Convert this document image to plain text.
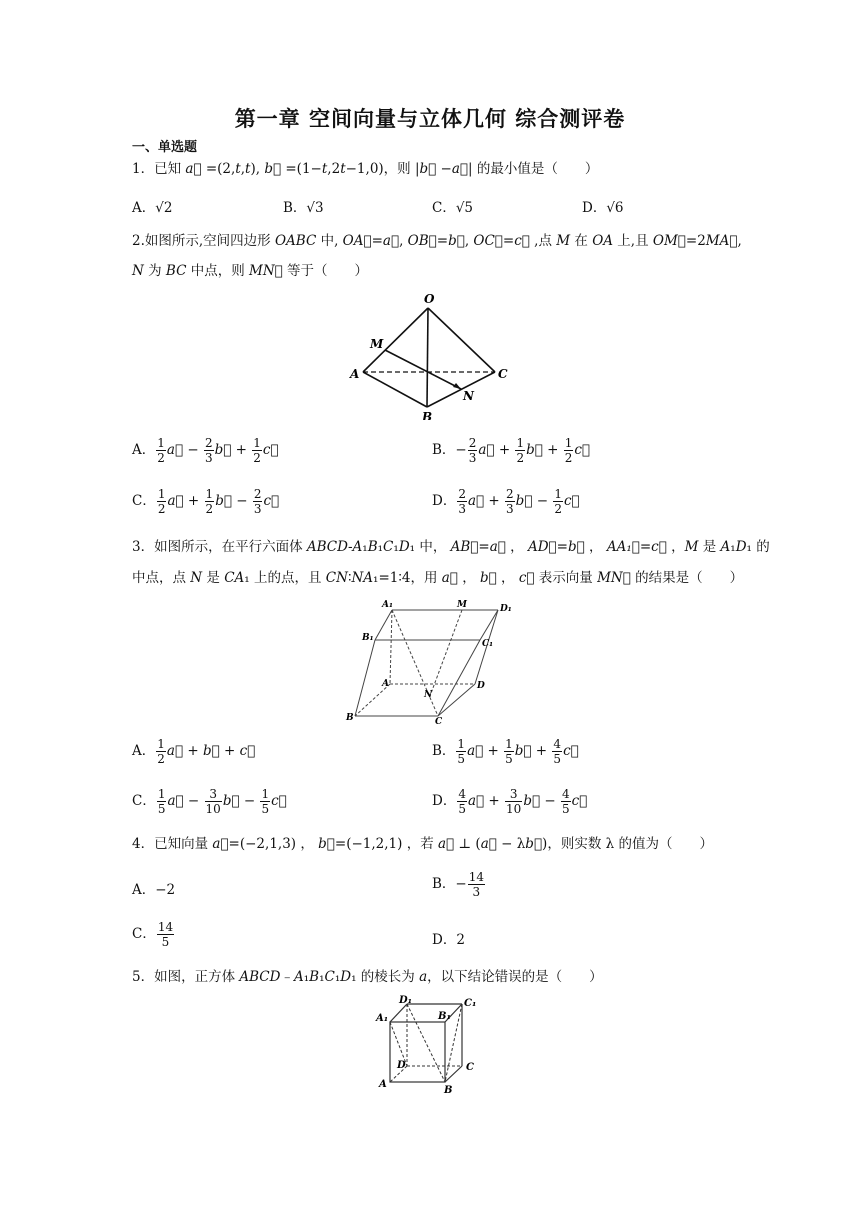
第一章 空间向量与立体几何 综合测评卷
一、单选题
1．已知 a⃗ =(2,t,t), b⃗ =(1−t,2t−1,0)，则 |b⃗ −a⃗| 的最小值是（　　）
A．√2	B．√3	C．√5	D．√6
2.如图所示,空间四边形 OABC 中, OA⃗=a⃗, OB⃗=b⃗, OC⃗=c⃗ ,点 M 在 OA 上,且 OM⃗=2MA⃗,
N 为 BC 中点，则 MN⃗ 等于（　　）
O
M
A	C
N
B
A． $\frac{1}{2}$ a⃗ − $\frac{2}{3}$ b⃗ + $\frac{1}{2}$ c⃗	B．− $\frac{2}{3}$ a⃗ + $\frac{1}{2}$ b⃗ + $\frac{1}{2}$ c⃗
C． $\frac{1}{2}$ a⃗ + $\frac{1}{2}$ b⃗ − $\frac{2}{3}$ c⃗	D． $\frac{2}{3}$ a⃗ + $\frac{2}{3}$ b⃗ − $\frac{1}{2}$ c⃗
3．如图所示，在平行六面体 ABCD-A₁B₁C₁D₁ 中， AB⃗=a⃗ ， AD⃗=b⃗ ， AA₁⃗=c⃗ ，M 是 A₁D₁ 的
中点，点 N 是 CA₁ 上的点，且 CN∶NA₁=1∶4，用 a⃗ ， b⃗ ， c⃗ 表示向量 MN⃗ 的结果是（　　）
A₁	M	D₁
B₁
C₁
A
N
D
B	C
A． $\frac{1}{2}$ a⃗ + b⃗ + c⃗	B． $\frac{1}{5}$ a⃗ + $\frac{1}{5}$ b⃗ + $\frac{4}{5}$ c⃗
C． $\frac{1}{5}$ a⃗ − $\frac{3}{10}$ b⃗ − $\frac{1}{5}$ c⃗	D． $\frac{4}{5}$ a⃗ + $\frac{3}{10}$ b⃗ − $\frac{4}{5}$ c⃗
4．已知向量 a⃗=(−2,1,3) ， b⃗=(−1,2,1) ，若 a⃗ ⊥ (a⃗ − λb⃗)，则实数 λ 的值为（　　）
A．−2	B．− $\frac{14}{3}$
C． $\frac{14}{5}$	D．2
5．如图，正方体 ABCD﹣A₁B₁C₁D₁ 的棱长为 a，以下结论错误的是（　　）
D₁	C₁
A₁	B₁
D	C
A
B
